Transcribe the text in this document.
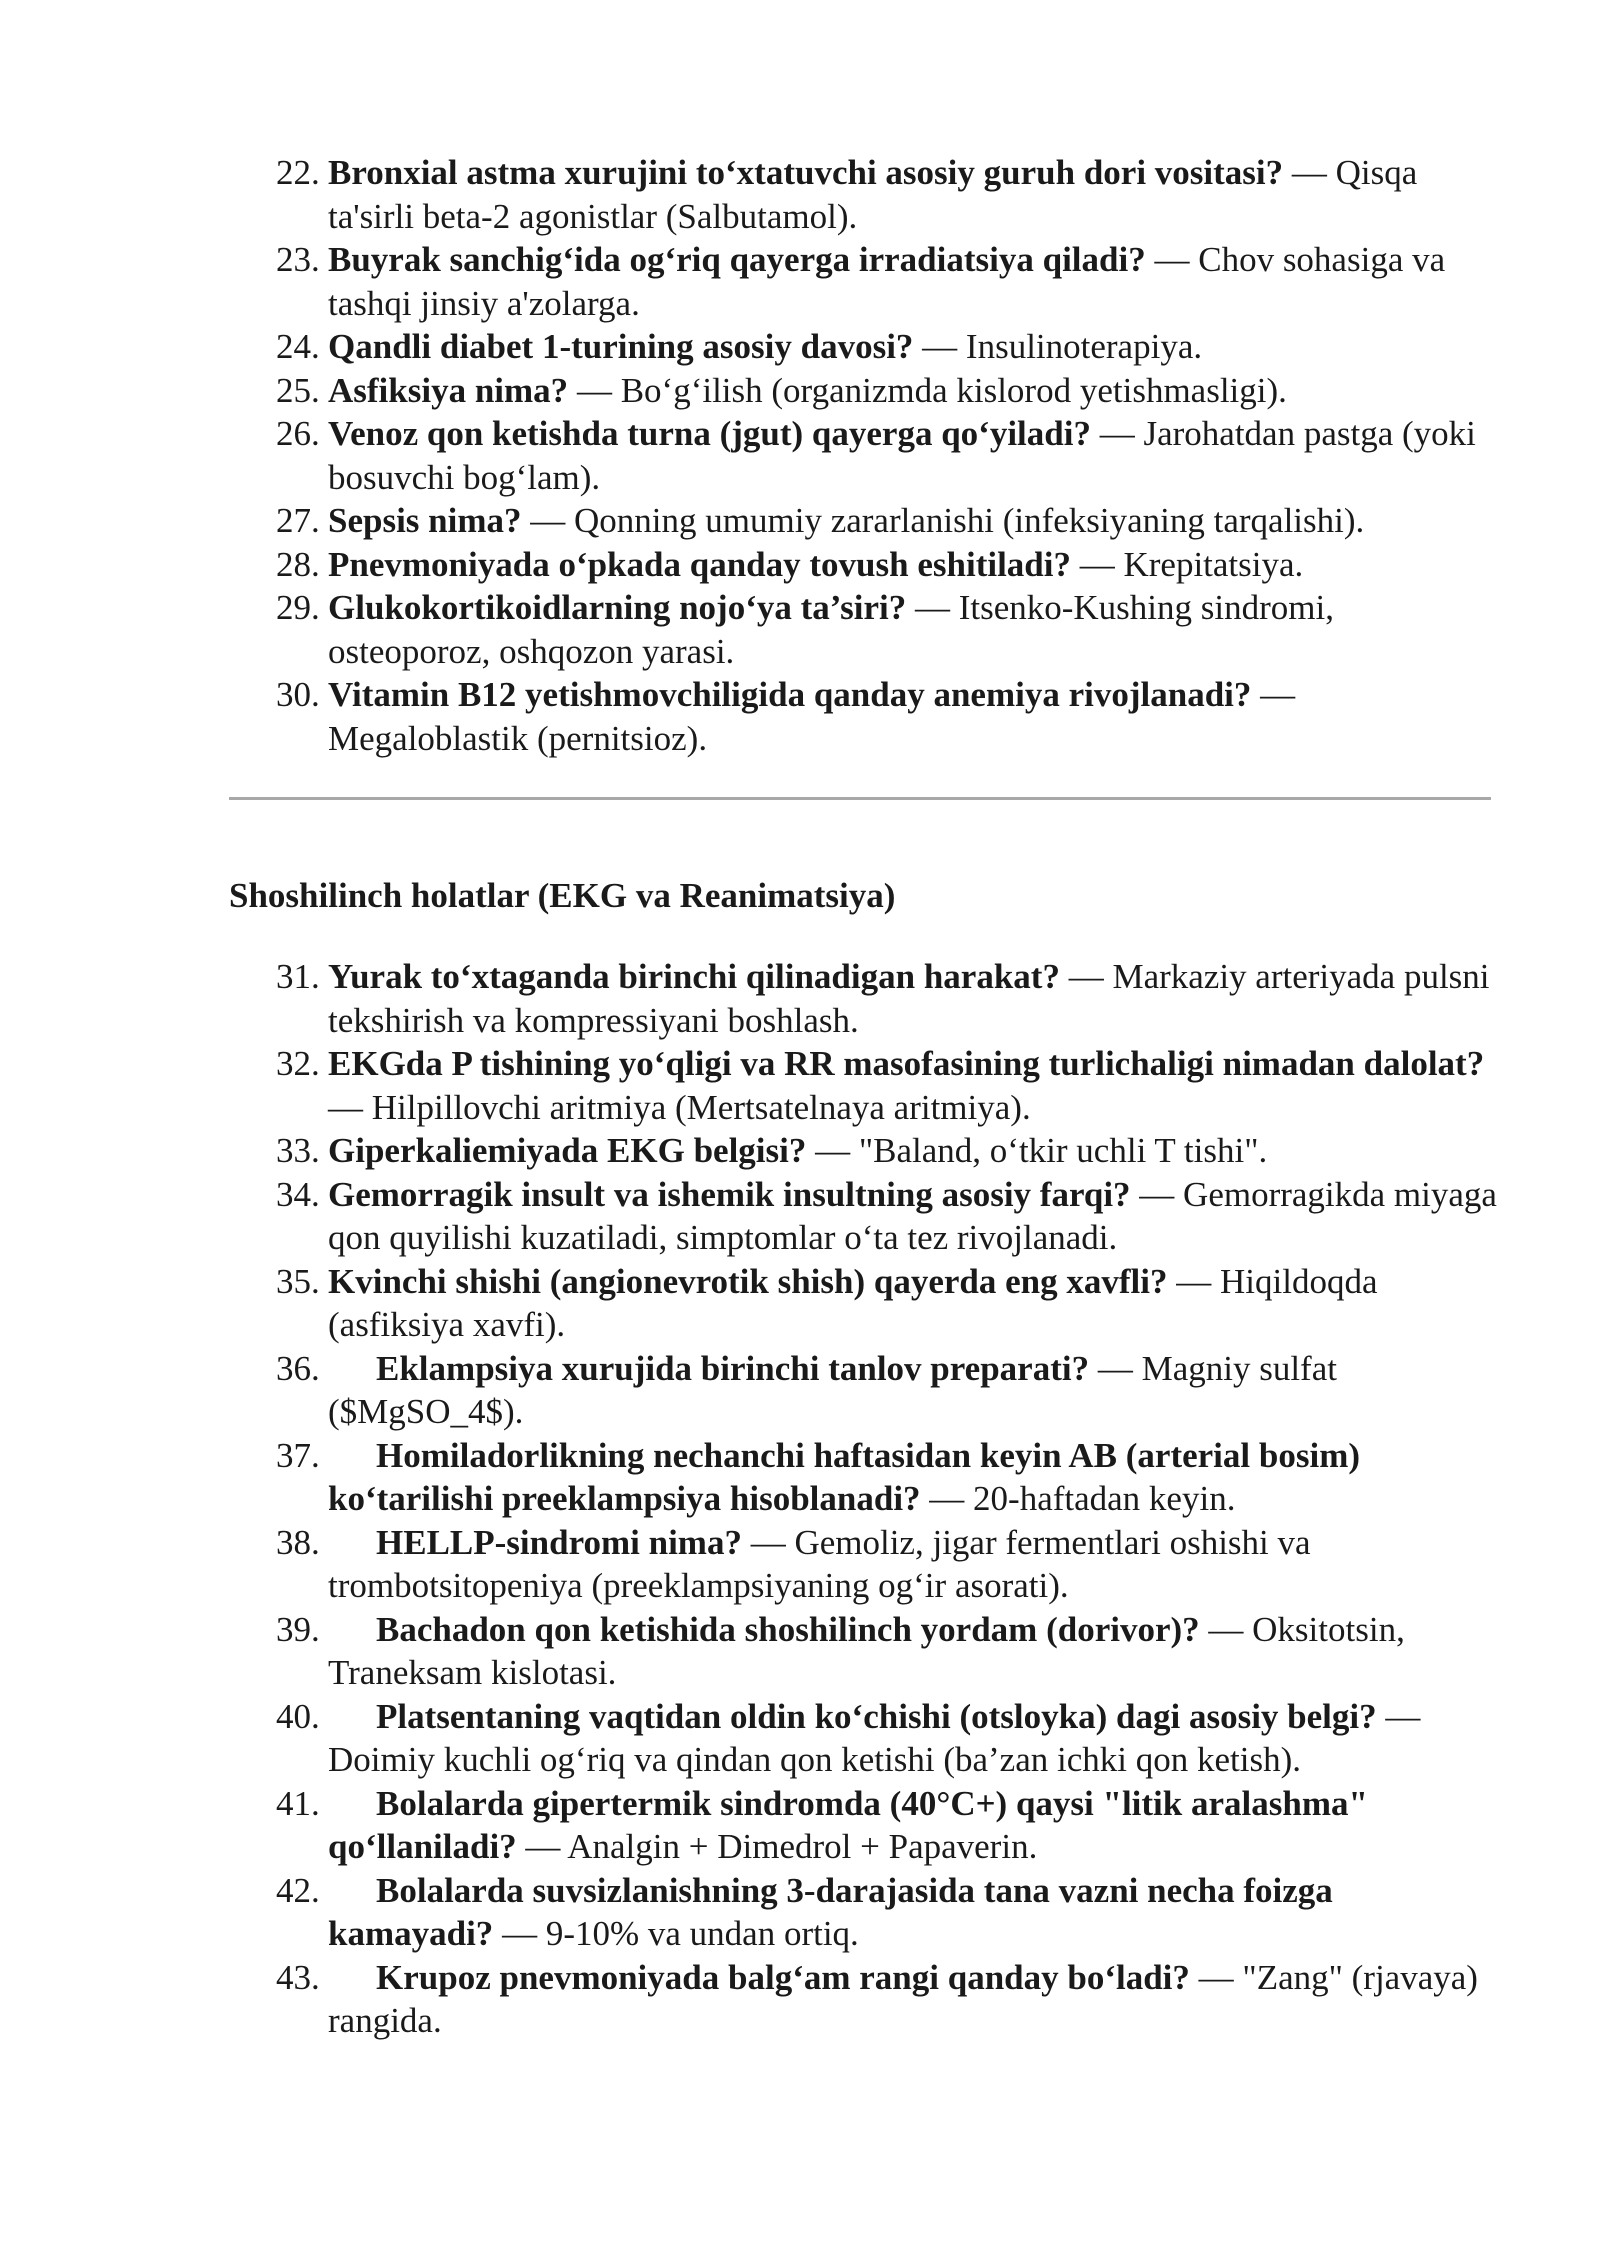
22. Bronxial astma xurujini to‘xtatuvchi asosiy guruh dori vositasi? — Qisqa ta'sirli beta-2 agonistlar (Salbutamol).
23. Buyrak sanchig‘ida og‘riq qayerga irradiatsiya qiladi? — Chov sohasiga va tashqi jinsiy a'zolarga.
24. Qandli diabet 1-turining asosiy davosi? — Insulinoterapiya.
25. Asfiksiya nima? — Bo‘g‘ilish (organizmda kislorod yetishmasligi).
26. Venoz qon ketishda turna (jgut) qayerga qo‘yiladi? — Jarohatdan pastga (yoki bosuvchi bog‘lam).
27. Sepsis nima? — Qonning umumiy zararlanishi (infeksiyaning tarqalishi).
28. Pnevmoniyada o‘pkada qanday tovush eshitiladi? — Krepitatsiya.
29. Glukokortikoidlarning nojo‘ya ta’siri? — Itsenko-Kushing sindromi, osteoporoz, oshqozon yarasi.
30. Vitamin B12 yetishmovchiligida qanday anemiya rivojlanadi? — Megaloblastik (pernitsioz).
Shoshilinch holatlar (EKG va Reanimatsiya)
31. Yurak to‘xtaganda birinchi qilinadigan harakat? — Markaziy arteriyada pulsni tekshirish va kompressiyani boshlash.
32. EKGda P tishining yo‘qligi va RR masofasining turlichaligi nimadan dalolat? — Hilpillovchi aritmiya (Mertsatelnaya aritmiya).
33. Giperkaliemiyada EKG belgisi? — "Baland, o‘tkir uchli T tishi".
34. Gemorragik insult va ishemik insultning asosiy farqi? — Gemorragikda miyaga qon quyilishi kuzatiladi, simptomlar o‘ta tez rivojlanadi.
35. Kvinchi shishi (angionevrotik shish) qayerda eng xavfli? — Hiqildoqda (asfiksiya xavfi).
36. Eklampsiya xurujida birinchi tanlov preparati? — Magniy sulfat ($MgSO_4$).
37. Homiladorlikning nechanchi haftasidan keyin AB (arterial bosim) ko‘tarilishi preeklampsiya hisoblanadi? — 20-haftadan keyin.
38. HELLP-sindromi nima? — Gemoliz, jigar fermentlari oshishi va trombotsitopeniya (preeklampsiyaning og‘ir asorati).
39. Bachadon qon ketishida shoshilinch yordam (dorivor)? — Oksitotsin, Traneksam kislotasi.
40. Platsentaning vaqtidan oldin ko‘chishi (otsloyka) dagi asosiy belgi? — Doimiy kuchli og‘riq va qindan qon ketishi (ba’zan ichki qon ketish).
41. Bolalarda gipertermik sindromda (40°C+) qaysi "litik aralashma" qo‘llaniladi? — Analgin + Dimedrol + Papaverin.
42. Bolalarda suvsizlanishning 3-darajasida tana vazni necha foizga kamayadi? — 9-10% va undan ortiq.
43. Krupoz pnevmoniyada balg‘am rangi qanday bo‘ladi? — "Zang" (rjavaya) rangida.
